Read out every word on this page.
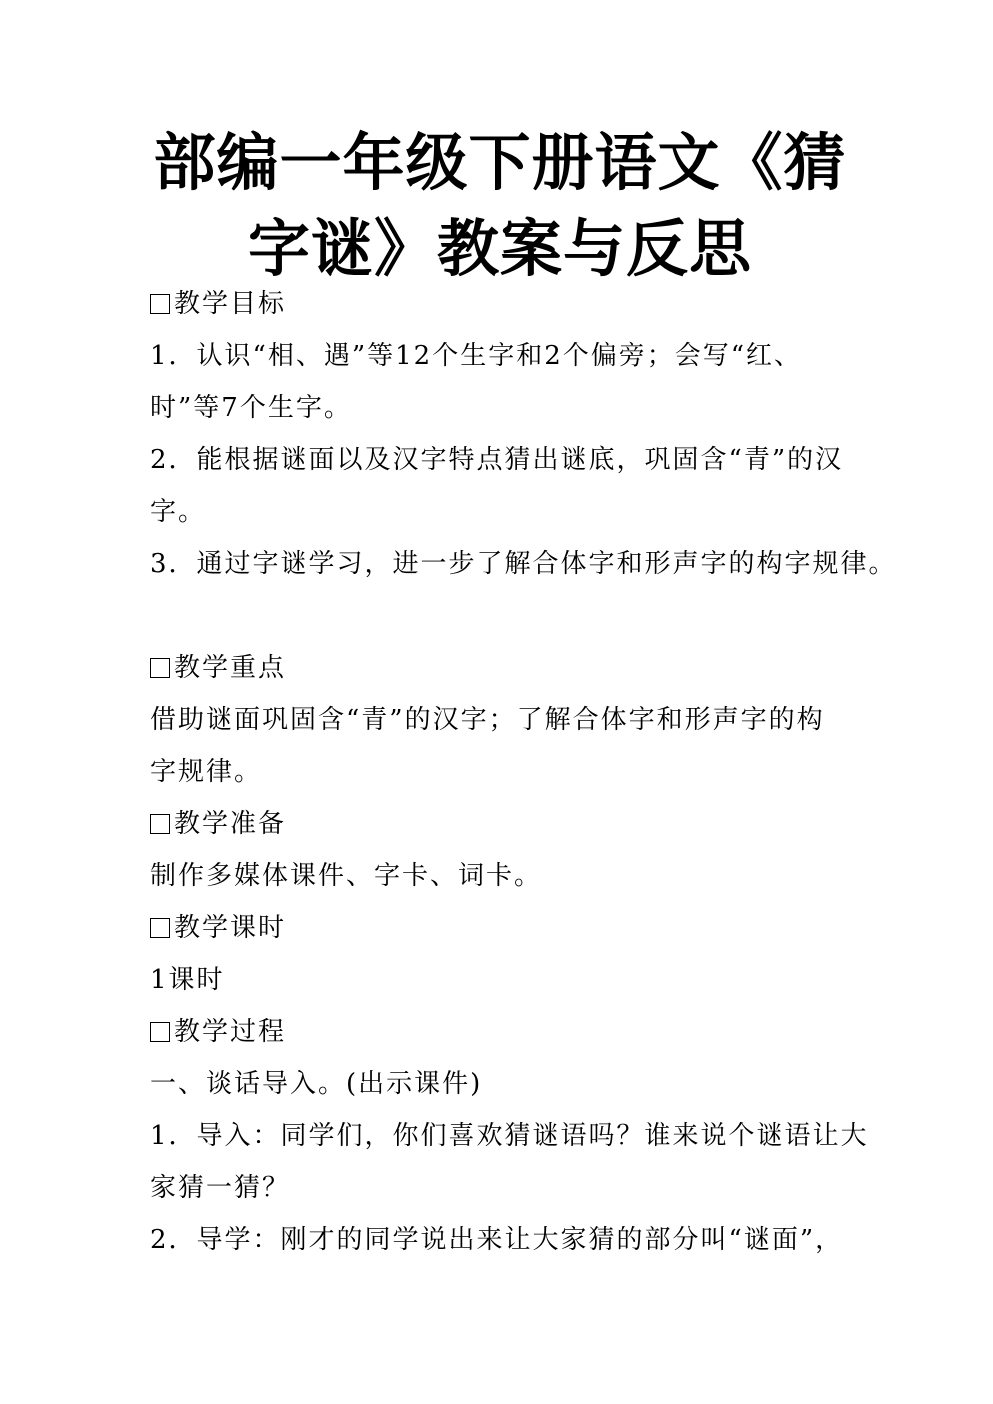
部编一年级下册语文《猜
字谜》教案与反思
教学目标
1．认识“相、遇”等12个生字和2个偏旁；会写“红、
时”等7个生字。
2．能根据谜面以及汉字特点猜出谜底，巩固含“青”的汉
字。
3．通过字谜学习，进一步了解合体字和形声字的构字规律。
教学重点
借助谜面巩固含“青”的汉字；了解合体字和形声字的构
字规律。
教学准备
制作多媒体课件、字卡、词卡。
教学课时
1课时
教学过程
一、谈话导入。(出示课件)
1．导入：同学们，你们喜欢猜谜语吗？谁来说个谜语让大
家猜一猜？
2．导学：刚才的同学说出来让大家猜的部分叫“谜面”，
